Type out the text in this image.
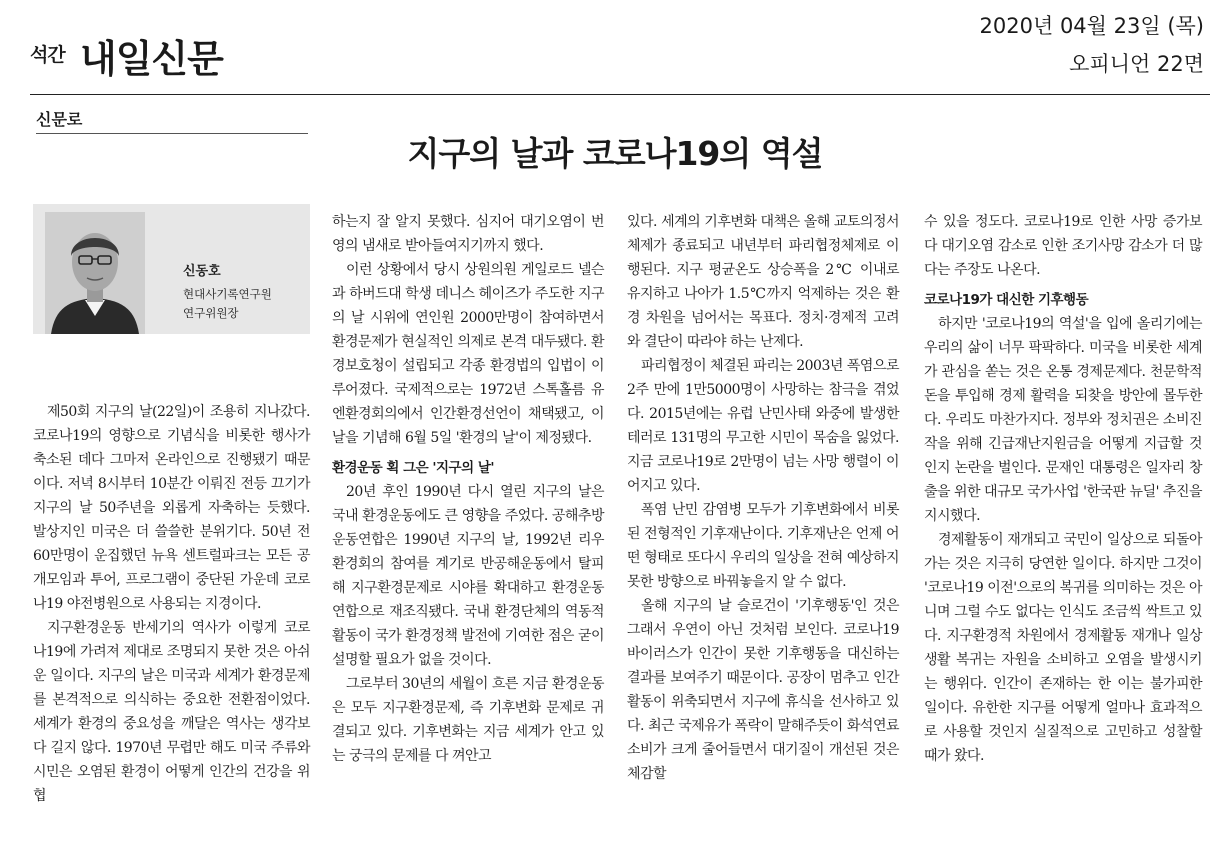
석간 내일신문
2020년 04월 23일 (목)
오피니언 22면
신문로
지구의 날과 코로나19의 역설
신동호
현대사기록연구원
연구위원장

제50회 지구의 날(22일)이 조용히 지나갔다. 코로나19의 영향으로 기념식을 비롯한 행사가 축소된 데다 그마저 온라인으로 진행됐기 때문이다. 저녁 8시부터 10분간 이뤄진 전등 끄기가 지구의 날 50주년을 외롭게 자축하는 듯했다. 발상지인 미국은 더 쓸쓸한 분위기다. 50년 전 60만명이 운집했던 뉴욕 센트럴파크는 모든 공개모임과 투어, 프로그램이 중단된 가운데 코로나19 야전병원으로 사용되는 지경이다.

지구환경운동 반세기의 역사가 이렇게 코로나19에 가려져 제대로 조명되지 못한 것은 아쉬운 일이다. 지구의 날은 미국과 세계가 환경문제를 본격적으로 의식하는 중요한 전환점이었다. 세계가 환경의 중요성을 깨달은 역사는 생각보다 길지 않다. 1970년 무렵만 해도 미국 주류와 시민은 오염된 환경이 어떻게 인간의 건강을 위협

하는지 잘 알지 못했다. 심지어 대기오염이 번영의 냄새로 받아들여지기까지 했다.

이런 상황에서 당시 상원의원 게일로드 넬슨과 하버드대 학생 데니스 헤이즈가 주도한 지구의 날 시위에 연인원 2000만명이 참여하면서 환경문제가 현실적인 의제로 본격 대두됐다. 환경보호청이 설립되고 각종 환경법의 입법이 이루어졌다. 국제적으로는 1972년 스톡홀름 유엔환경회의에서 인간환경선언이 채택됐고, 이날을 기념해 6월 5일 '환경의 날'이 제정됐다.

환경운동 획 그은 '지구의 날'

20년 후인 1990년 다시 열린 지구의 날은 국내 환경운동에도 큰 영향을 주었다. 공해추방운동연합은 1990년 지구의 날, 1992년 리우환경회의 참여를 계기로 반공해운동에서 탈피해 지구환경문제로 시야를 확대하고 환경운동연합으로 재조직됐다. 국내 환경단체의 역동적 활동이 국가 환경정책 발전에 기여한 점은 굳이 설명할 필요가 없을 것이다.

그로부터 30년의 세월이 흐른 지금 환경운동은 모두 지구환경문제, 즉 기후변화 문제로 귀결되고 있다. 기후변화는 지금 세계가 안고 있는 궁극의 문제를 다 껴안고

있다. 세계의 기후변화 대책은 올해 교토의정서체제가 종료되고 내년부터 파리협정체제로 이행된다. 지구 평균온도 상승폭을 2℃ 이내로 유지하고 나아가 1.5℃까지 억제하는 것은 환경 차원을 넘어서는 목표다. 정치·경제적 고려와 결단이 따라야 하는 난제다.

파리협정이 체결된 파리는 2003년 폭염으로 2주 만에 1만5000명이 사망하는 참극을 겪었다. 2015년에는 유럽 난민사태 와중에 발생한 테러로 131명의 무고한 시민이 목숨을 잃었다. 지금 코로나19로 2만명이 넘는 사망 행렬이 이어지고 있다.

폭염 난민 감염병 모두가 기후변화에서 비롯된 전형적인 기후재난이다. 기후재난은 언제 어떤 형태로 또다시 우리의 일상을 전혀 예상하지 못한 방향으로 바꿔놓을지 알 수 없다.

올해 지구의 날 슬로건이 '기후행동'인 것은 그래서 우연이 아닌 것처럼 보인다. 코로나19 바이러스가 인간이 못한 기후행동을 대신하는 결과를 보여주기 때문이다. 공장이 멈추고 인간 활동이 위축되면서 지구에 휴식을 선사하고 있다. 최근 국제유가 폭락이 말해주듯이 화석연료 소비가 크게 줄어들면서 대기질이 개선된 것은 체감할

수 있을 정도다. 코로나19로 인한 사망 증가보다 대기오염 감소로 인한 조기사망 감소가 더 많다는 주장도 나온다.

코로나19가 대신한 기후행동

하지만 '코로나19의 역설'을 입에 올리기에는 우리의 삶이 너무 팍팍하다. 미국을 비롯한 세계가 관심을 쏟는 것은 온통 경제문제다. 천문학적 돈을 투입해 경제 활력을 되찾을 방안에 몰두한다. 우리도 마찬가지다. 정부와 정치권은 소비진작을 위해 긴급재난지원금을 어떻게 지급할 것인지 논란을 벌인다. 문재인 대통령은 일자리 창출을 위한 대규모 국가사업 '한국판 뉴딜' 추진을 지시했다.

경제활동이 재개되고 국민이 일상으로 되돌아가는 것은 지극히 당연한 일이다. 하지만 그것이 '코로나19 이전'으로의 복귀를 의미하는 것은 아니며 그럴 수도 없다는 인식도 조금씩 싹트고 있다. 지구환경적 차원에서 경제활동 재개나 일상생활 복귀는 자원을 소비하고 오염을 발생시키는 행위다. 인간이 존재하는 한 이는 불가피한 일이다. 유한한 지구를 어떻게 얼마나 효과적으로 사용할 것인지 실질적으로 고민하고 성찰할 때가 왔다.
